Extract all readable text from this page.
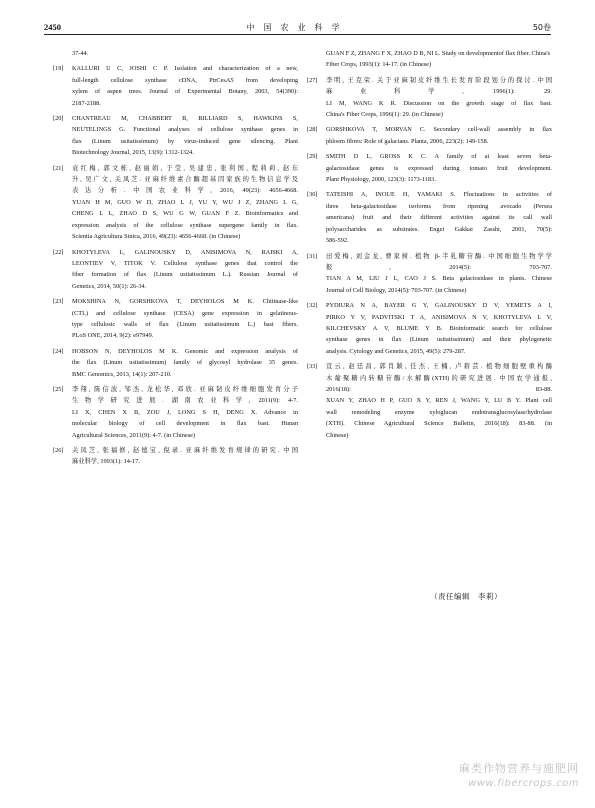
2450	中国农业科学	50卷
37-44.
[19] KALLURI U C, JOSHI C P. Isolation and characterization of a new,
full-length cellulose synthase cDNA, PtrCesA5 from developing
xylem of aspen trees. Journal of Experimental Botany, 2003, 54(390):
2187-2188.
[20] CHANTREAU M, CHABBERT B, BILLIARD S, HAWKINS S,
NEUTELINGS G. Functional analyses of cellulose synthase genes in
flax (Linum usitatissimum) by virus-induced gene silencing. Plant
Biotechnology Journal, 2015, 13(9): 1312-1324.
[21] 袁红梅, 郭文栋, 赵丽娟, 于莹, 吴建忠, 张利国, 程莉莉, 赵东
升, 吴广文, 关凤芝. 亚麻纤维素合酶超基因家族的生物信息学及
表达分析. 中国农业科学, 2016, 49(23): 4656-4668.
YUAN H M, GUO W D, ZHAO L J, YU Y, WU J Z, ZHANG L G,
CHENG L L, ZHAO D S, WU G W, GUAN F Z. Bioinformatics and
expression analysis of the cellulose synthase supergene family in flax.
Scientia Agricultura Sinica, 2016, 49(23): 4656-4668. (in Chinese)
[22] KHOTYLEVA L, GALINOUSKY D, ANISIMOVA N, RAISKI A,
LEONTIEV V, TITOK V. Cellulose synthase genes that control the
fiber formation of flax (Linum usitatissimum L.). Russian Journal of
Genetics, 2014, 50(1): 26-34.
[23] MOKSHINA N, GORSHKOVA T, DEYHOLOS M K. Chitinase-like
(CTL) and cellulose synthase (CESA) gene expression in gelatinous-
type cellulosic walls of flax (Linum usitatissimum L.) bast fibers.
PLoS ONE, 2014, 9(2): e97949.
[24] HOBSON N, DEYHOLOS M K. Genomic and expression analysis of
the flax (Linum usitatissimum) family of glycosyl hydrolase 35 genes.
BMC Genomics, 2013, 14(1): 207-210.
[25] 李翔, 陈信波, 邹杰, 龙松华, 邓欣. 亚麻韧皮纤维细胞发育分子
生物学研究进展. 湖南农业科学, 2011(9): 4-7.
LI X, CHEN X B, ZOU J, LONG S H, DENG X. Advance in
molecular biology of cell development in flax bast. Hunan
Agricultural Sciences, 2011(9): 4-7. (in Chinese)
[26] 关凤芝, 张福修, 赵德宝, 倪录. 亚麻纤维发育规律的研究. 中国
麻业科学, 1993(1): 14-17.
GUAN F Z, ZHANG F X, ZHAO D B, NI L. Study on developmentof flax fiber. China's Fiber Crops, 1993(1): 14-17. (in Chinese)
[27] 李明, 王克荣. 关于亚麻韧皮纤维生长发育阶段划分的探讨. 中国
麻业科学, 1996(1): 29.
LI M, WANG K R. Discussion on the growth stage of flax bast.
China's Fiber Crops, 1996(1): 29. (in Chinese)
[28] GORSHKOVA T, MORVAN C. Secondary cell-wall assembly in flax
phloem fibres: Role of galactans. Planta, 2006, 223(2): 149-158.
[29] SMITH D L, GROSS K C. A family of at least seven beta-
galactosidase genes is expressed during tomato fruit development.
Plant Physiology, 2000, 123(3): 1173-1183.
[30] TATEISHI A, INOUE H, YAMAKI S. Fluctuations in activities of
three beta-galactosidase isoforms from ripening avocado (Persea
americana) fruit and their different activities against its call wall
polysaccharides as substrates. Engei Gakkai Zasshi, 2001, 70(5):
586-592.
[31] 田爱梅, 刘金龙, 曹家树. 植物 β-半乳糖苷酶. 中国细胞生物学学
报, 2014(5): 703-707.
TIAN A M, LIU J L, CAO J S. Beta galactosidase in plants. Chinese
Journal of Cell Biology, 2014(5): 703-707. (in Chinese)
[32] PYDIURA N A, BAYER G Y, GALINOUSKY D V, YEMETS A I,
PIRKO Y V, PADVITSKI T A, ANISIMOVA N V, KHOTYLEVA L V,
KILCHEVSKY A V, BLUME Y B. Bioinformatic search for cellulose
synthase genes in flax (Linum usitatissimum) and their phylogenetic
analysis. Cytology and Genetics, 2015, 49(5): 279-287.
[33] 宣云, 赵廷昌, 郭肖颖, 任杰, 王楠, 卢碧芸. 植物细胞壁重构酶
木葡聚糖内转糖苷酶/水解酶(XTH)的研究进展. 中国农学通报,
2016(18): 83-88.
XUAN Y, ZHAO H P, GUO X Y, REN J, WANG Y, LU B Y. Plant cell
wall remodeling enzyme xyloglucan endotransglucosylase/hydrolase
(XTH). Chinese Agricultural Science Bulletin, 2016(18): 83-88. (in
Chinese)
（责任编辑　李莉）
麻类作物营养与施肥网
www.fibercrops.com
